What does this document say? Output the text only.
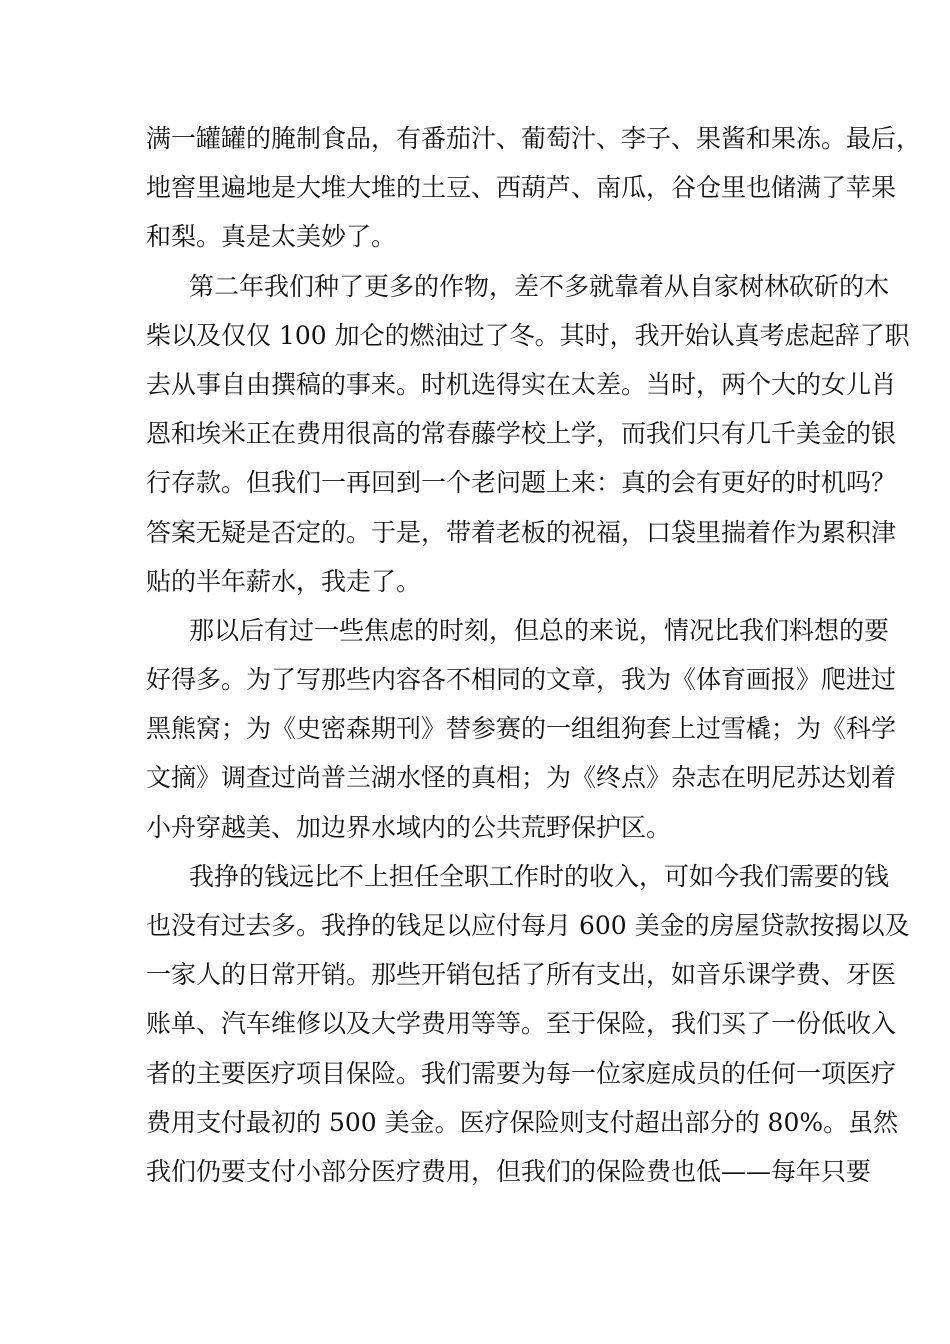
满一罐罐的腌制食品，有番茄汁、葡萄汁、李子、果酱和果冻。最后，
地窖里遍地是大堆大堆的土豆、西葫芦、南瓜，谷仓里也储满了苹果
和梨。真是太美妙了。
第二年我们种了更多的作物，差不多就靠着从自家树林砍斫的木
柴以及仅仅 100 加仑的燃油过了冬。其时，我开始认真考虑起辞了职
去从事自由撰稿的事来。时机选得实在太差。当时，两个大的女儿肖
恩和埃米正在费用很高的常春藤学校上学，而我们只有几千美金的银
行存款。但我们一再回到一个老问题上来：真的会有更好的时机吗？
答案无疑是否定的。于是，带着老板的祝福，口袋里揣着作为累积津
贴的半年薪水，我走了。
那以后有过一些焦虑的时刻，但总的来说，情况比我们料想的要
好得多。为了写那些内容各不相同的文章，我为《体育画报》爬进过
黑熊窝；为《史密森期刊》替参赛的一组组狗套上过雪橇；为《科学
文摘》调查过尚普兰湖水怪的真相；为《终点》杂志在明尼苏达划着
小舟穿越美、加边界水域内的公共荒野保护区。
我挣的钱远比不上担任全职工作时的收入，可如今我们需要的钱
也没有过去多。我挣的钱足以应付每月 600 美金的房屋贷款按揭以及
一家人的日常开销。那些开销包括了所有支出，如音乐课学费、牙医
账单、汽车维修以及大学费用等等。至于保险，我们买了一份低收入
者的主要医疗项目保险。我们需要为每一位家庭成员的任何一项医疗
费用支付最初的 500 美金。医疗保险则支付超出部分的 80%。虽然
我们仍要支付小部分医疗费用，但我们的保险费也低——每年只要
